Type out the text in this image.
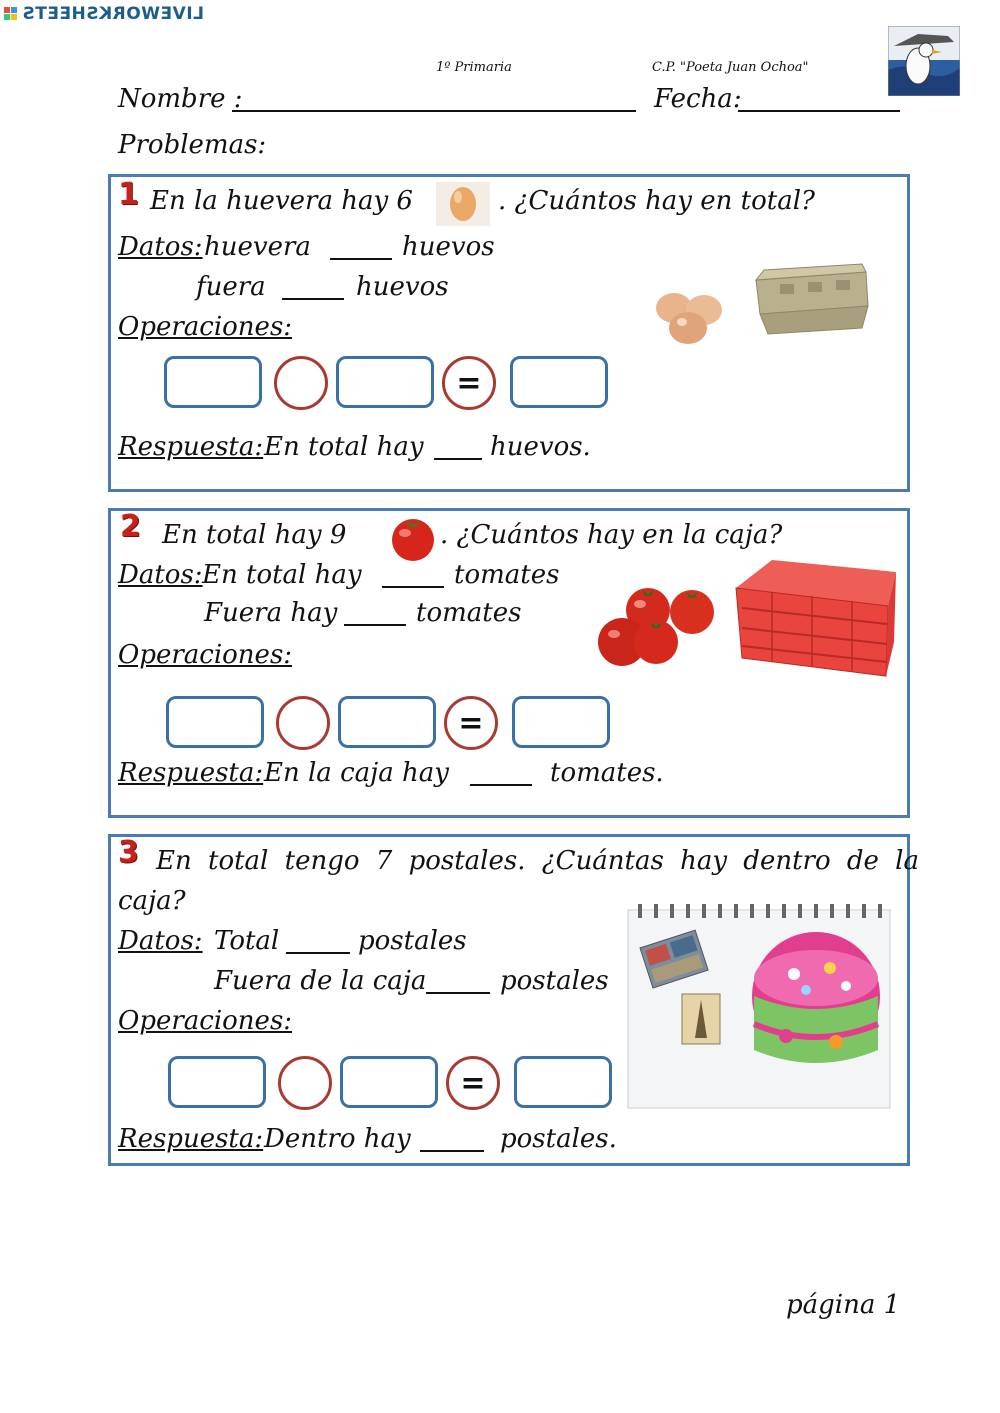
LIVEWORKSHEETS
1º Primaria	C.P. "Poeta Juan Ochoa"
Nombre :	Fecha:
Problemas:
1 En la huevera hay 6	. ¿Cuántos hay en total?
Datos: huevera	huevos
fuera	huevos
Operaciones:
=
Respuesta: En total hay	huevos.
2 En total hay 9	. ¿Cuántos hay en la caja?
Datos: En total hay	tomates
Fuera hay	tomates
Operaciones:
=
Respuesta: En la caja hay	tomates.
3 En total tengo 7 postales. ¿Cuántas hay dentro de la
caja?
Datos: Total	postales
Fuera de la caja	postales
Operaciones:
=
Respuesta: Dentro hay	postales.
página 1
